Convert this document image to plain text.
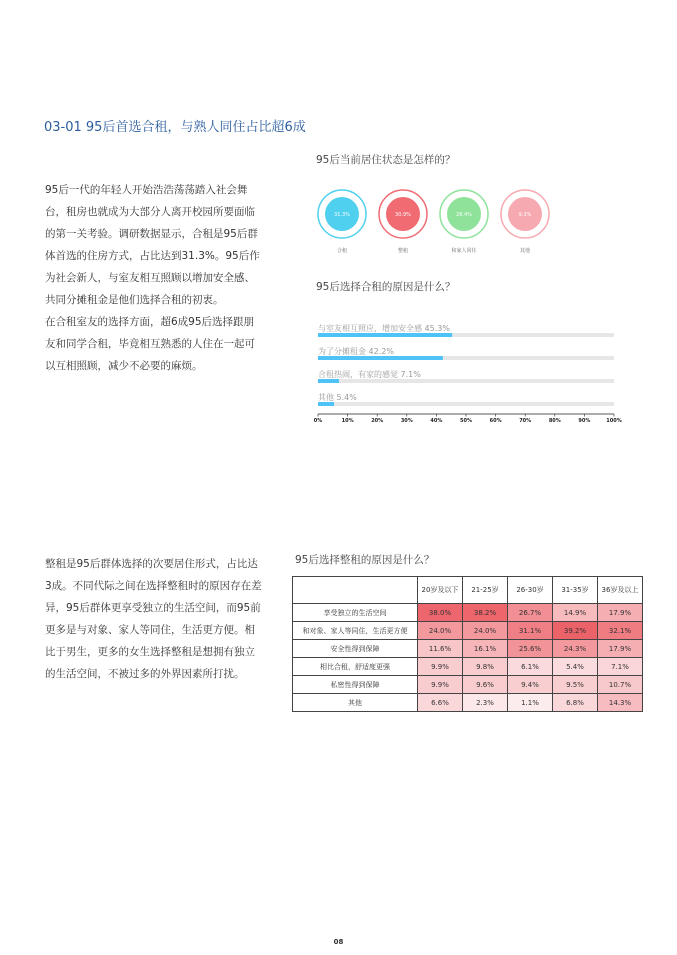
03-01 95后首选合租，与熟人同住占比超6成

95后一代的年轻人开始浩浩荡荡踏入社会舞台，租房也就成为大部分人离开校园所要面临的第一关考验。调研数据显示，合租是95后群体首选的住房方式，占比达到31.3%。95后作为社会新人，与室友相互照顾以增加安全感、共同分摊租金是他们选择合租的初衷。

在合租室友的选择方面，超6成95后选择跟朋友和同学合租，毕竟相互熟悉的人住在一起可以互相照顾，减少不必要的麻烦。

整租是95后群体选择的次要居住形式，占比达3成。不同代际之间在选择整租时的原因存在差异，95后群体更享受独立的生活空间，而95前更多是与对象、家人等同住，生活更方便。相比于男生，更多的女生选择整租是想拥有独立的生活空间，不被过多的外界因素所打扰。

95后当前居住状态是怎样的？
31.3%
合租
30.9%
整租
28.4%
和家人同住
9.3%
其他
95后选择合租的原因是什么？
与室友相互照应，增加安全感 45.3%
为了分摊租金 42.2%
合租热闹，有家的感觉 7.1%
其他 5.4%
0%	10%	20%	30%	40%	50%	60%	70%	80%	90%	100%
95后选择整租的原因是什么？
	20岁及以下	21-25岁	26-30岁	31-35岁	36岁及以上
享受独立的生活空间	38.0%	38.2%	26.7%	14.9%	17.9%
和对象、家人等同住，生活更方便	24.0%	24.0%	31.1%	39.2%	32.1%
安全性得到保障	11.6%	16.1%	25.6%	24.3%	17.9%
相比合租，舒适度更强	9.9%	9.8%	6.1%	5.4%	7.1%
私密性得到保障	9.9%	9.6%	9.4%	9.5%	10.7%
其他	6.6%	2.3%	1.1%	6.8%	14.3%
08
